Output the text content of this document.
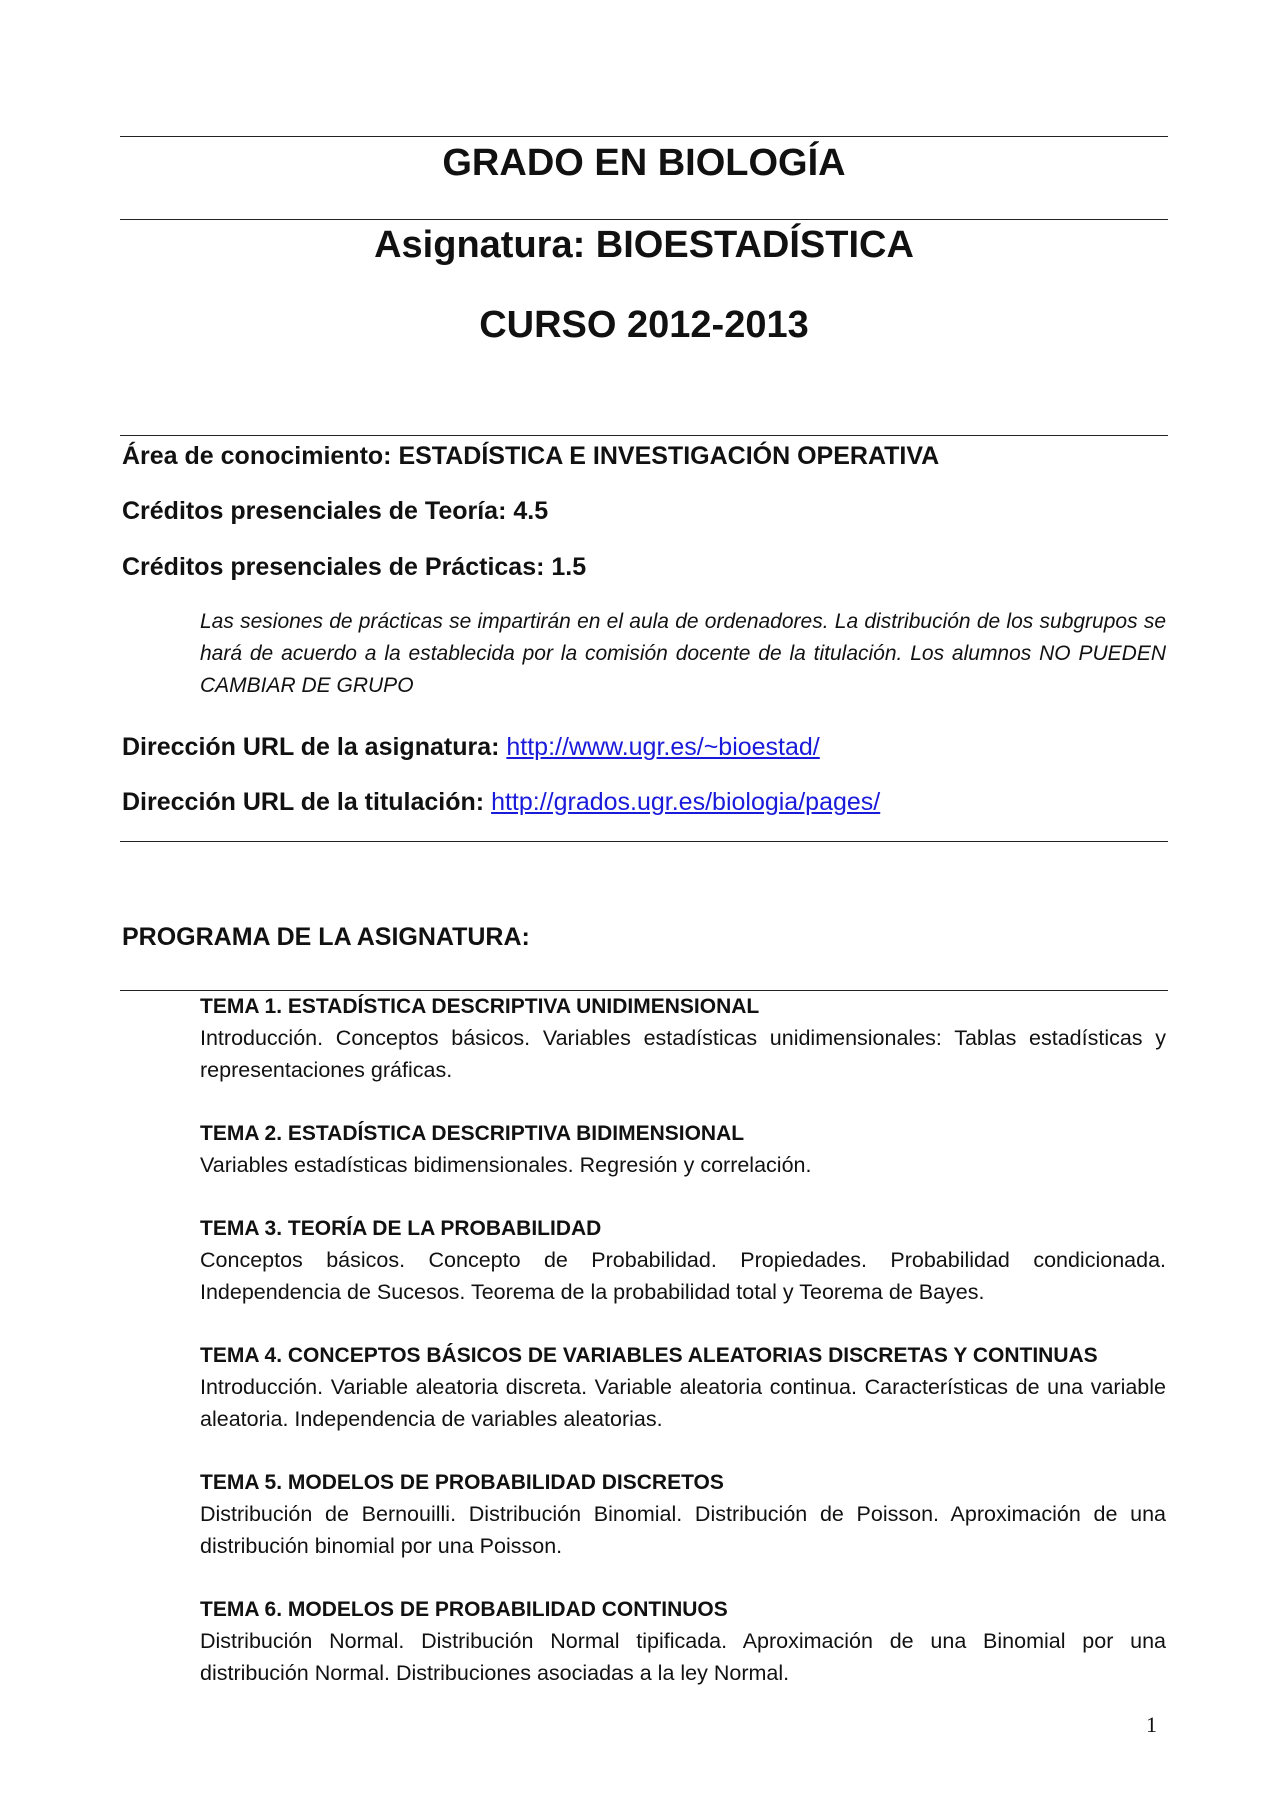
GRADO EN BIOLOGÍA
Asignatura: BIOESTADÍSTICA
CURSO 2012-2013
Área de conocimiento: ESTADÍSTICA E INVESTIGACIÓN OPERATIVA
Créditos presenciales de Teoría: 4.5
Créditos presenciales de Prácticas: 1.5
Las sesiones de prácticas se impartirán en el aula de ordenadores. La distribución de los subgrupos se hará de acuerdo a la establecida por la comisión docente de la titulación. Los alumnos NO PUEDEN CAMBIAR DE GRUPO
Dirección URL de la asignatura: http://www.ugr.es/~bioestad/
Dirección URL de la titulación: http://grados.ugr.es/biologia/pages/
PROGRAMA DE LA ASIGNATURA:
TEMA 1. ESTADÍSTICA DESCRIPTIVA UNIDIMENSIONAL
Introducción. Conceptos básicos. Variables estadísticas unidimensionales: Tablas estadísticas y representaciones gráficas.
TEMA 2. ESTADÍSTICA DESCRIPTIVA BIDIMENSIONAL
Variables estadísticas bidimensionales. Regresión y correlación.
TEMA 3. TEORÍA DE LA PROBABILIDAD
Conceptos básicos. Concepto de Probabilidad. Propiedades. Probabilidad condicionada. Independencia de Sucesos. Teorema de la probabilidad total y Teorema de Bayes.
TEMA 4. CONCEPTOS BÁSICOS DE VARIABLES ALEATORIAS DISCRETAS Y CONTINUAS
Introducción. Variable aleatoria discreta. Variable aleatoria continua. Características de una variable aleatoria. Independencia de variables aleatorias.
TEMA 5. MODELOS DE PROBABILIDAD DISCRETOS
Distribución de Bernouilli. Distribución Binomial. Distribución de Poisson. Aproximación de una distribución binomial por una Poisson.
TEMA 6. MODELOS DE PROBABILIDAD CONTINUOS
Distribución Normal. Distribución Normal tipificada. Aproximación de una Binomial por una distribución Normal. Distribuciones asociadas a la ley Normal.
1
